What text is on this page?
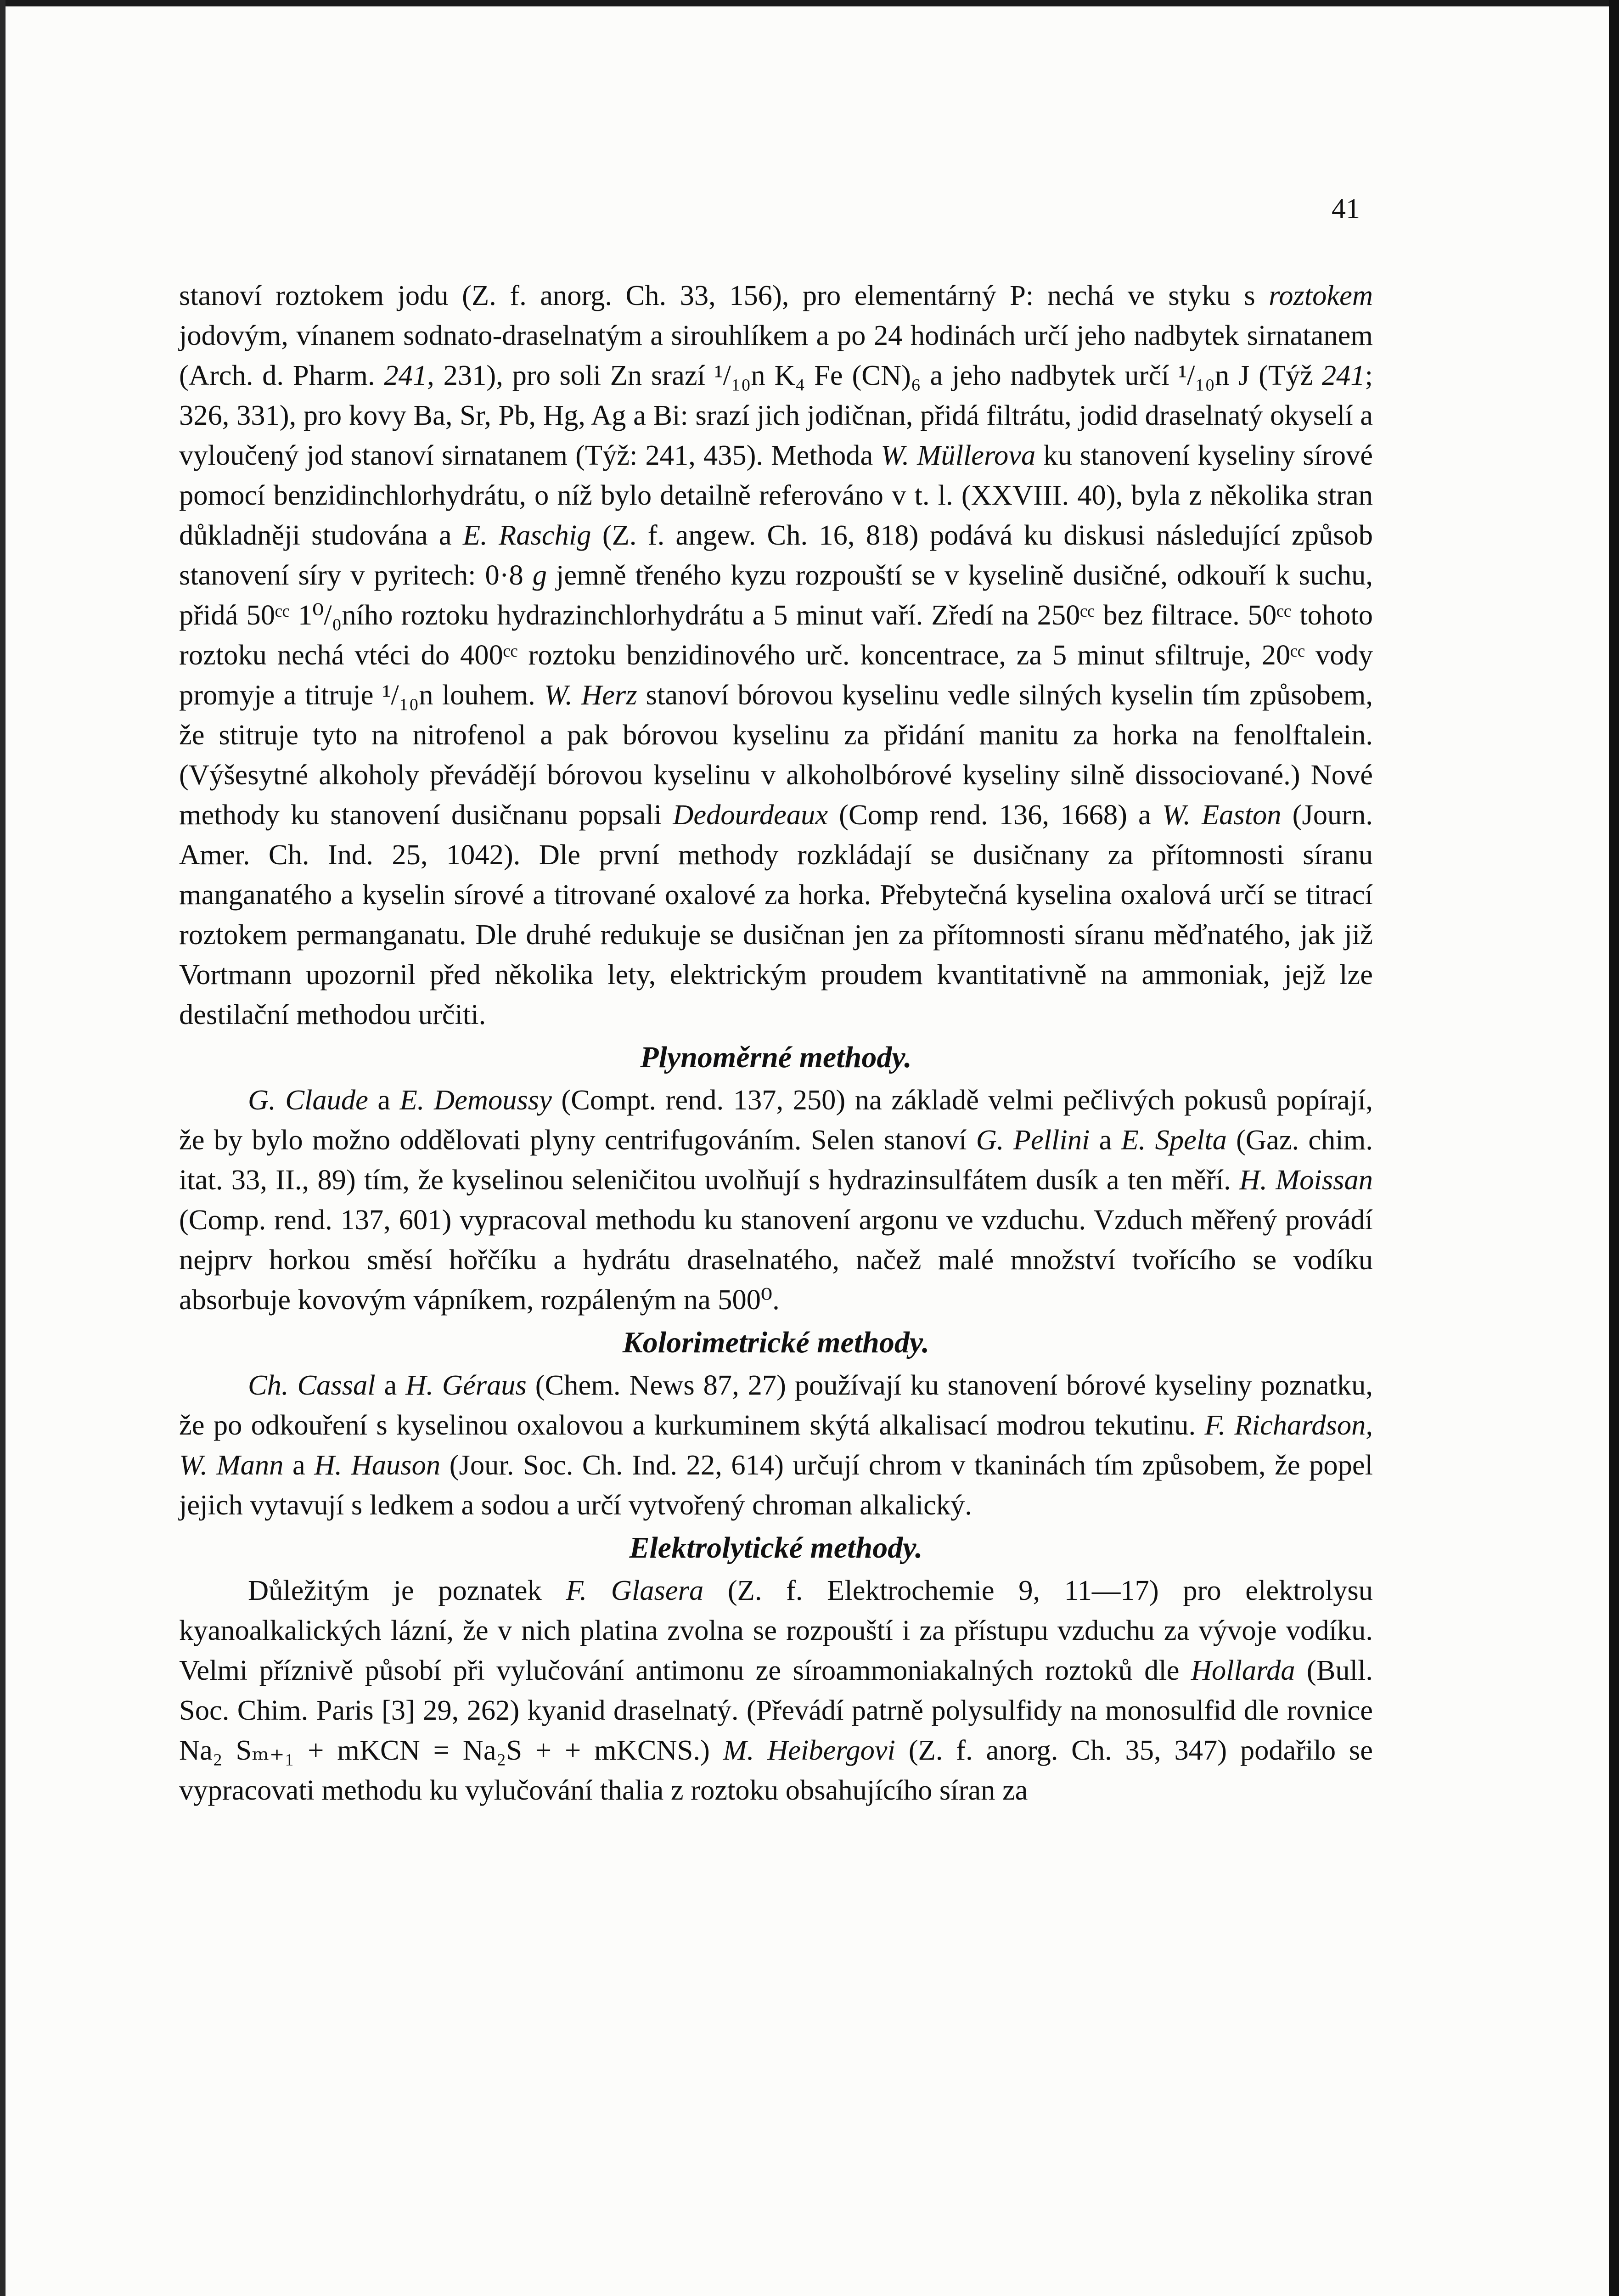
41

stanoví roztokem jodu (Z. f. anorg. Ch. 33, 156), pro elementárný P: nechá ve styku s roztokem jodovým, vínanem sodnato-draselnatým a sirouhlíkem a po 24 hodinách určí jeho nadbytek sirnatanem (Arch. d. Pharm. 241, 231), pro soli Zn srazí ¹/₁₀n K₄ Fe (CN)₆ a jeho nadbytek určí ¹/₁₀n J (Týž 241; 326, 331), pro kovy Ba, Sr, Pb, Hg, Ag a Bi: srazí jich jodičnan, přidá filtrátu, jodid draselnatý okyselí a vyloučený jod stanoví sirnatanem (Týž: 241, 435). Methoda W. Müllerova ku stanovení kyseliny sírové pomocí benzidinchlorhydrátu, o níž bylo detailně referováno v t. l. (XXVIII. 40), byla z několika stran důkladněji studována a E. Raschig (Z. f. angew. Ch. 16, 818) podává ku diskusi následující způsob stanovení síry v pyritech: 0·8 g jemně třeného kyzu rozpouští se v kyselině dusičné, odkouří k suchu, přidá 50ᶜᶜ 1⁰/₀ního roztoku hydrazinchlorhydrátu a 5 minut vaří. Zředí na 250ᶜᶜ bez filtrace. 50ᶜᶜ tohoto roztoku nechá vtéci do 400ᶜᶜ roztoku benzidinového urč. koncentrace, za 5 minut sfiltruje, 20ᶜᶜ vody promyje a titruje ¹/₁₀n louhem. W. Herz stanoví bórovou kyselinu vedle silných kyselin tím způsobem, že stitruje tyto na nitrofenol a pak bórovou kyselinu za přidání manitu za horka na fenolftalein. (Výšesytné alkoholy převádějí bórovou kyselinu v alkoholbórové kyseliny silně dissociované.) Nové methody ku stanovení dusičnanu popsali Dedourdeaux (Comp rend. 136, 1668) a W. Easton (Journ. Amer. Ch. Ind. 25, 1042). Dle první methody rozkládají se dusičnany za přítomnosti síranu manganatého a kyselin sírové a titrované oxalové za horka. Přebytečná kyselina oxalová určí se titrací roztokem permanganatu. Dle druhé redukuje se dusičnan jen za přítomnosti síranu měďnatého, jak již Vortmann upozornil před několika lety, elektrickým proudem kvantitativně na ammoniak, jejž lze destilační methodou určiti.

Plynoměrné methody.

G. Claude a E. Demoussy (Compt. rend. 137, 250) na základě velmi pečlivých pokusů popírají, že by bylo možno oddělovati plyny centrifugováním. Selen stanoví G. Pellini a E. Spelta (Gaz. chim. itat. 33, II., 89) tím, že kyselinou seleničitou uvolňují s hydrazinsulfátem dusík a ten měří. H. Moissan (Comp. rend. 137, 601) vypracoval methodu ku stanovení argonu ve vzduchu. Vzduch měřený provádí nejprv horkou směsí hořčíku a hydrátu draselnatého, načež malé množství tvořícího se vodíku absorbuje kovovým vápníkem, rozpáleným na 500⁰.

Kolorimetrické methody.

Ch. Cassal a H. Géraus (Chem. News 87, 27) používají ku stanovení bórové kyseliny poznatku, že po odkouření s kyselinou oxalovou a kurkuminem skýtá alkalisací modrou tekutinu. F. Richardson, W. Mann a H. Hauson (Jour. Soc. Ch. Ind. 22, 614) určují chrom v tkaninách tím způsobem, že popel jejich vytavují s ledkem a sodou a určí vytvořený chroman alkalický.

Elektrolytické methody.

Důležitým je poznatek F. Glasera (Z. f. Elektrochemie 9, 11—17) pro elektrolysu kyanoalkalických lázní, že v nich platina zvolna se rozpouští i za přístupu vzduchu za vývoje vodíku. Velmi příznivě působí při vylučování antimonu ze síroammoniakalných roztoků dle Hollarda (Bull. Soc. Chim. Paris [3] 29, 262) kyanid draselnatý. (Převádí patrně polysulfidy na monosulfid dle rovnice Na₂ Sₘ₊₁ + mKCN = Na₂S + + mKCNS.) M. Heibergovi (Z. f. anorg. Ch. 35, 347) podařilo se vypracovati methodu ku vylučování thalia z roztoku obsahujícího síran za
